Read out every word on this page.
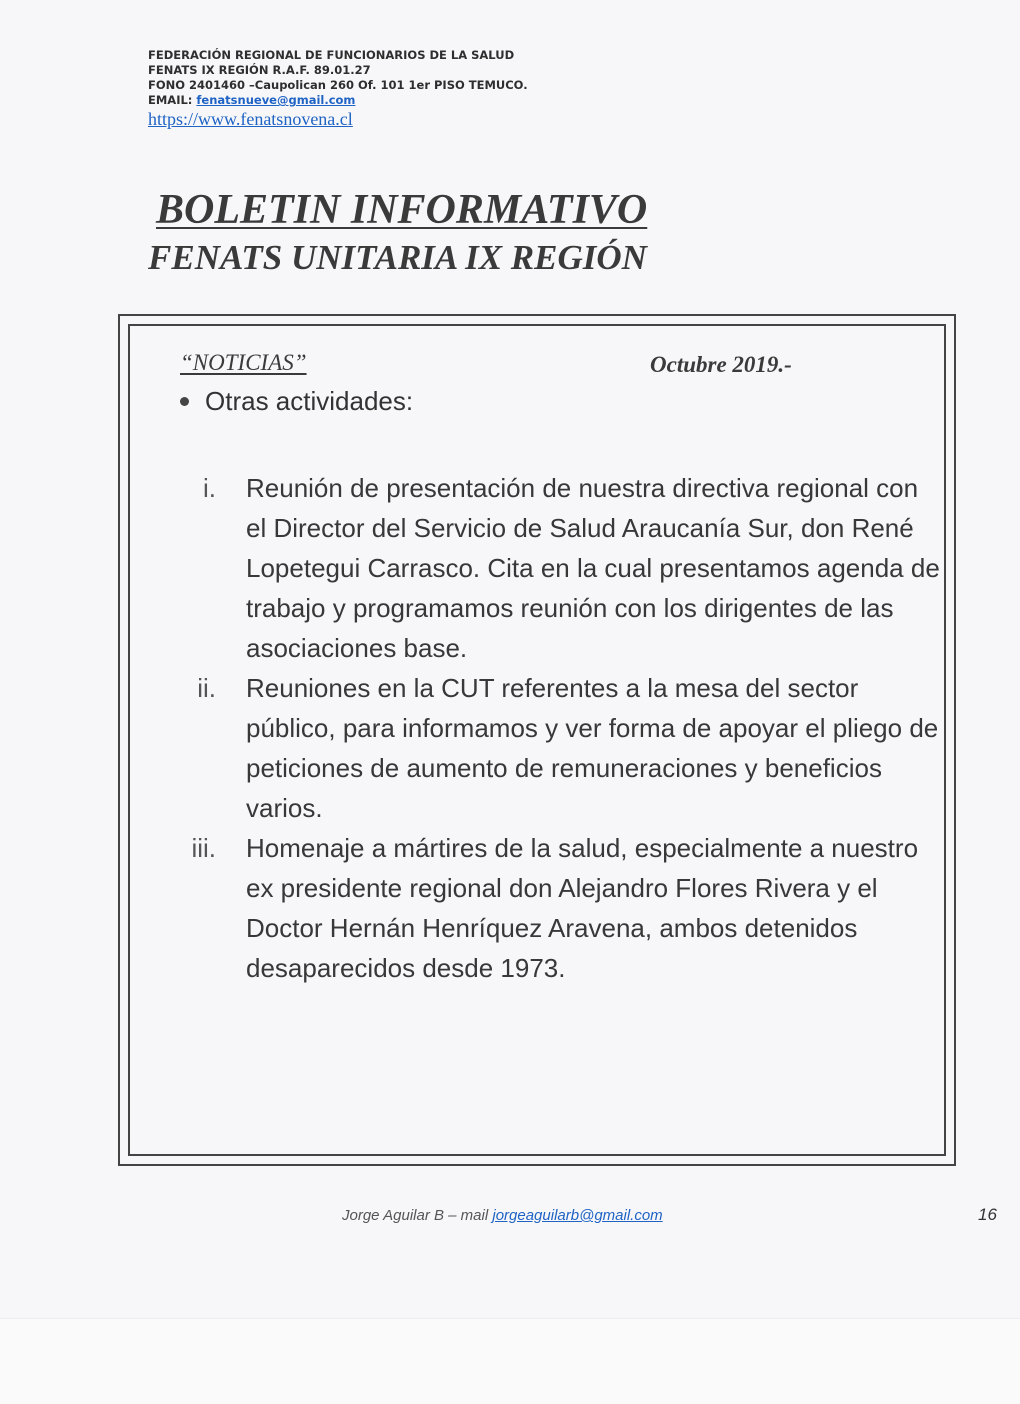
FEDERACIÓN REGIONAL DE FUNCIONARIOS DE LA SALUD
FENATS IX REGIÓN R.A.F. 89.01.27
FONO 2401460 –Caupolican 260 Of. 101 1er PISO TEMUCO.
EMAIL: fenatsnueve@gmail.com
https://www.fenatsnovena.cl
BOLETIN INFORMATIVO
FENATS UNITARIA IX REGIÓN
“NOTICIAS”	Octubre 2019.-
Otras actividades:
i. Reunión de presentación de nuestra directiva regional con el Director del Servicio de Salud Araucanía Sur, don René Lopetegui Carrasco. Cita en la cual presentamos agenda de trabajo y programamos reunión con los dirigentes de las asociaciones base.
ii. Reuniones en la CUT referentes a la mesa del sector público, para informamos y ver forma de apoyar el pliego de peticiones de aumento de remuneraciones y beneficios varios.
iii. Homenaje a mártires de la salud, especialmente a nuestro ex presidente regional don Alejandro Flores Rivera y el Doctor Hernán Henríquez Aravena, ambos detenidos desaparecidos desde 1973.
Jorge Aguilar B – mail jorgeaguilarb@gmail.com	16
